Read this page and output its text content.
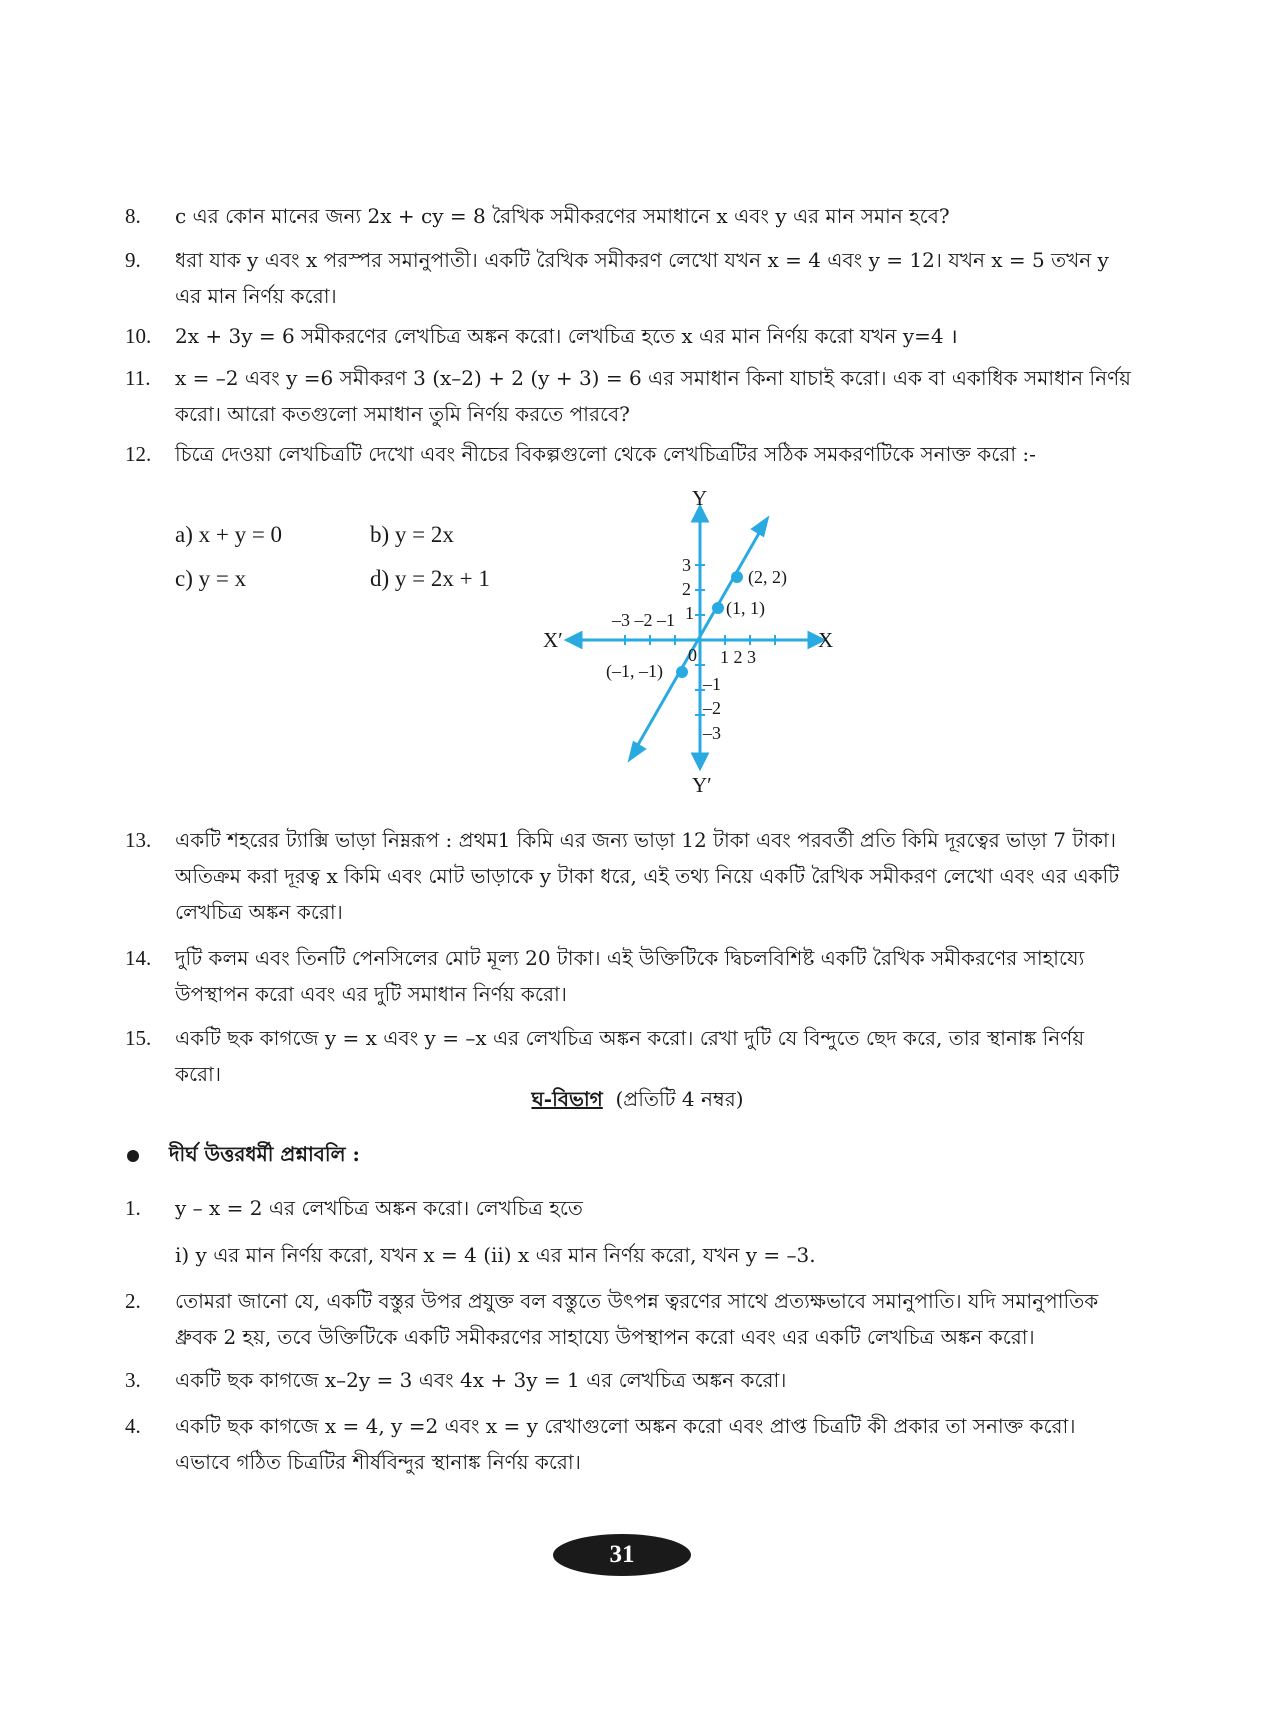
8.	c এর কোন মানের জন্য 2x + cy = 8 রৈখিক সমীকরণের সমাধানে x এবং y এর মান সমান হবে?
9.	ধরা যাক y এবং x পরস্পর সমানুপাতী। একটি রৈখিক সমীকরণ লেখো যখন x = 4 এবং y = 12। যখন x = 5 তখন y এর মান নির্ণয় করো।
10.	2x + 3y = 6 সমীকরণের লেখচিত্র অঙ্কন করো। লেখচিত্র হতে x এর মান নির্ণয় করো যখন y=4 ।
11.	x = –2 এবং y =6 সমীকরণ 3 (x–2) + 2 (y + 3) = 6 এর সমাধান কিনা যাচাই করো। এক বা একাধিক সমাধান নির্ণয় করো। আরো কতগুলো সমাধান তুমি নির্ণয় করতে পারবে?
12.	চিত্রে দেওয়া লেখচিত্রটি দেখো এবং নীচের বিকল্পগুলো থেকে লেখচিত্রটির সঠিক সমকরণটিকে সনাক্ত করো :-
a) x + y = 0	b) y = 2x
c) y = x	d) y = 2x + 1
Y
Y′
X
X′
0 1 2 3
–3 –2 –1
3
2
1
–1
–2
–3
(2, 2)
(1, 1)
(–1, –1)
13.	একটি শহরের ট্যাক্সি ভাড়া নিম্নরূপ : প্রথম1 কিমি এর জন্য ভাড়া 12 টাকা এবং পরবর্তী প্রতি কিমি দূরত্বের ভাড়া 7 টাকা। অতিক্রম করা দূরত্ব x কিমি এবং মোট ভাড়াকে y টাকা ধরে, এই তথ্য নিয়ে একটি রৈখিক সমীকরণ লেখো এবং এর একটি লেখচিত্র অঙ্কন করো।
14.	দুটি কলম এবং তিনটি পেনসিলের মোট মূল্য 20 টাকা। এই উক্তিটিকে দ্বিচলবিশিষ্ট একটি রৈখিক সমীকরণের সাহায্যে উপস্থাপন করো এবং এর দুটি সমাধান নির্ণয় করো।
15.	একটি ছক কাগজে y = x এবং y = –x এর লেখচিত্র অঙ্কন করো। রেখা দুটি যে বিন্দুতে ছেদ করে, তার স্থানাঙ্ক নির্ণয় করো।
ঘ-বিভাগ (প্রতিটি 4 নম্বর)
দীর্ঘ উত্তরধর্মী প্রশ্নাবলি :
1.	y – x = 2 এর লেখচিত্র অঙ্কন করো। লেখচিত্র হতে
i) y এর মান নির্ণয় করো, যখন x = 4 (ii) x এর মান নির্ণয় করো, যখন y = –3.
2.	তোমরা জানো যে, একটি বস্তুর উপর প্রযুক্ত বল বস্তুতে উৎপন্ন ত্বরণের সাথে প্রত্যক্ষভাবে সমানুপাতি। যদি সমানুপাতিক ধ্রুবক 2 হয়, তবে উক্তিটিকে একটি সমীকরণের সাহায্যে উপস্থাপন করো এবং এর একটি লেখচিত্র অঙ্কন করো।
3.	একটি ছক কাগজে x–2y = 3 এবং 4x + 3y = 1 এর লেখচিত্র অঙ্কন করো।
4.	একটি ছক কাগজে x = 4, y =2 এবং x = y রেখাগুলো অঙ্কন করো এবং প্রাপ্ত চিত্রটি কী প্রকার তা সনাক্ত করো। এভাবে গঠিত চিত্রটির শীর্ষবিন্দুর স্থানাঙ্ক নির্ণয় করো।
31
